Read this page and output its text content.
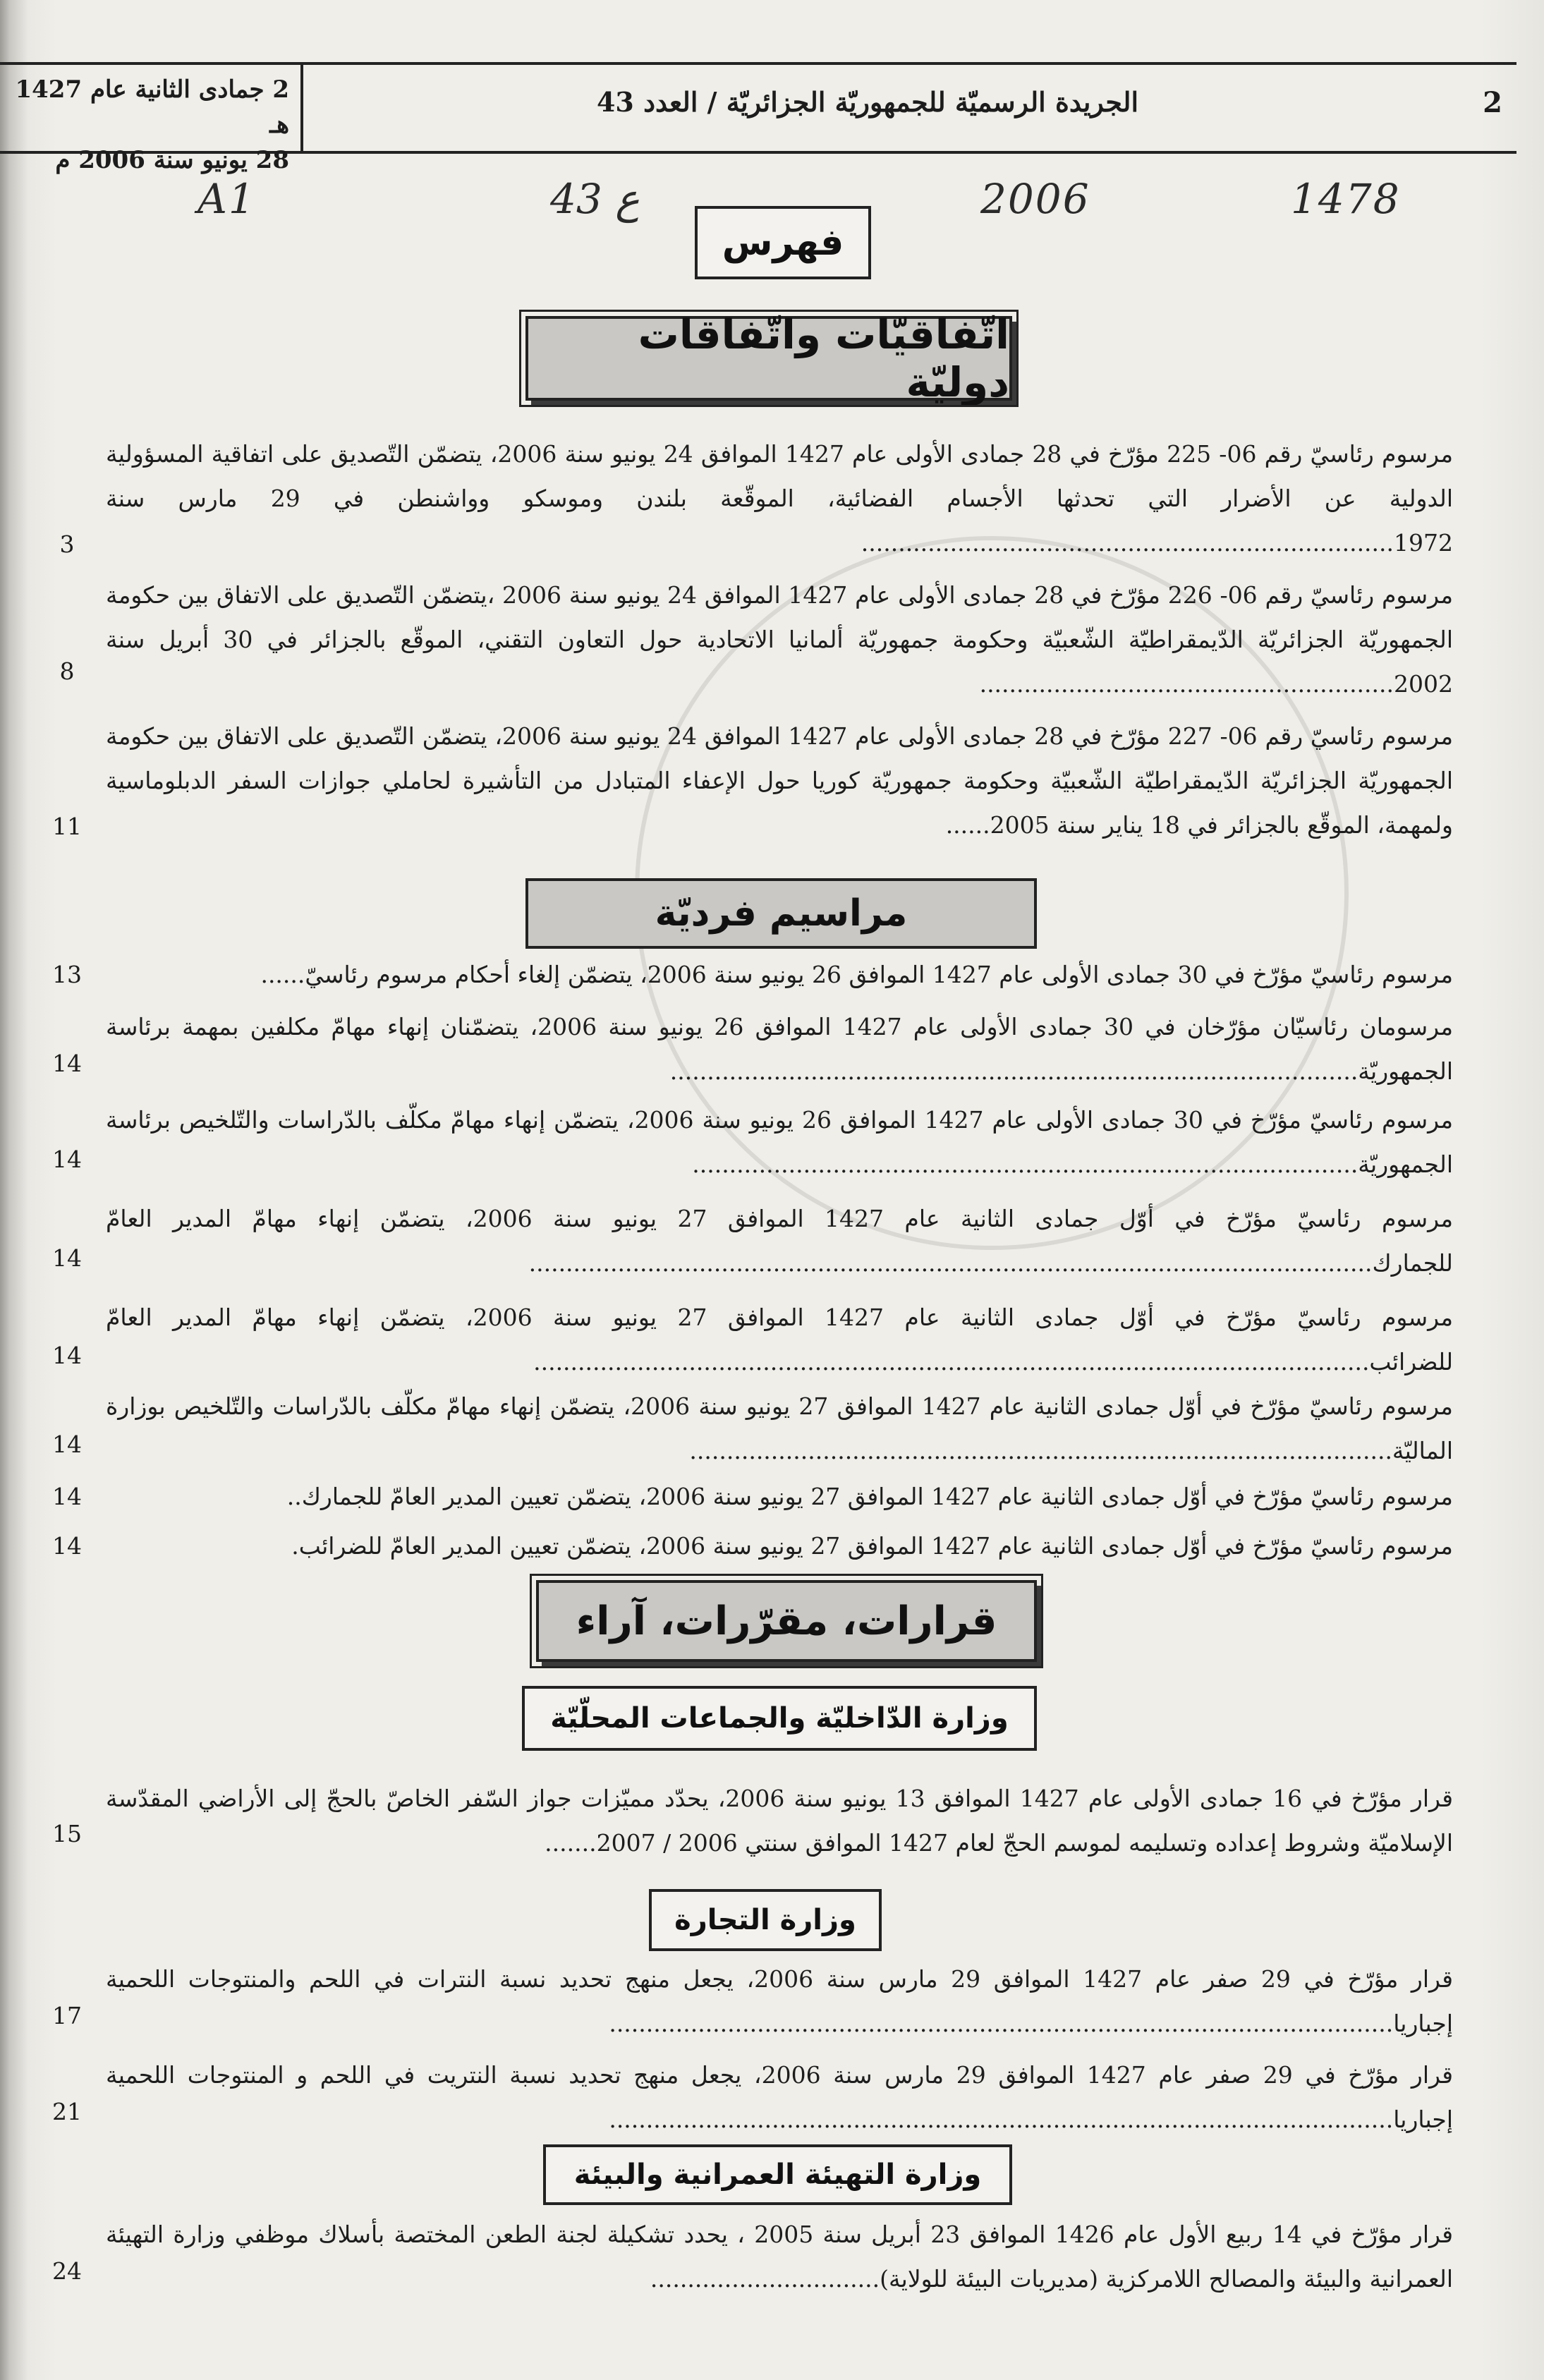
2 جمادى الثانية عام 1427 هـ
28 يونيو سنة 2006 م
الجريدة الرسميّة للجمهوريّة الجزائريّة / العدد 43	2
A1	43 ع	2006	1478
فهرس
اتّفاقيّات واتّفاقات دوليّة
مرسوم رئاسيّ رقم 06- 225 مؤرّخ في 28 جمادى الأولى عام 1427 الموافق 24 يونيو سنة 2006، يتضمّن التّصديق على اتفاقية المسؤولية الدولية عن الأضرار التي تحدثها الأجسام الفضائية، الموقّعة بلندن وموسكو وواشنطن في 29 مارس سنة 1972........................................................................
3
مرسوم رئاسيّ رقم 06- 226 مؤرّخ في 28 جمادى الأولى عام 1427 الموافق 24 يونيو سنة 2006 ،يتضمّن التّصديق على الاتفاق بين حكومة الجمهوريّة الجزائريّة الدّيمقراطيّة الشّعبيّة وحكومة جمهوريّة ألمانيا الاتحادية حول التعاون التقني، الموقّع بالجزائر في 30 أبريل سنة 2002........................................................
8
مرسوم رئاسيّ رقم 06- 227 مؤرّخ في 28 جمادى الأولى عام 1427 الموافق 24 يونيو سنة 2006، يتضمّن التّصديق على الاتفاق بين حكومة الجمهوريّة الجزائريّة الدّيمقراطيّة الشّعبيّة وحكومة جمهوريّة كوريا حول الإعفاء المتبادل من التأشيرة لحاملي جوازات السفر الدبلوماسية ولمهمة، الموقّع بالجزائر في 18 يناير سنة 2005......
11
مراسيم فرديّة
مرسوم رئاسيّ مؤرّخ في 30 جمادى الأولى عام 1427 الموافق 26 يونيو سنة 2006، يتضمّن إلغاء أحكام مرسوم رئاسيّ......
13
مرسومان رئاسيّان مؤرّخان في 30 جمادى الأولى عام 1427 الموافق 26 يونيو سنة 2006، يتضمّنان إنهاء مهامّ مكلفين بمهمة برئاسة الجمهوريّة.............................................................................................
14
مرسوم رئاسيّ مؤرّخ في 30 جمادى الأولى عام 1427 الموافق 26 يونيو سنة 2006، يتضمّن إنهاء مهامّ مكلّف بالدّراسات والتّلخيص برئاسة الجمهوريّة..........................................................................................
14
مرسوم رئاسيّ مؤرّخ في أوّل جمادى الثانية عام 1427 الموافق 27 يونيو سنة 2006، يتضمّن إنهاء مهامّ المدير العامّ للجمارك..................................................................................................................
14
مرسوم رئاسيّ مؤرّخ في أوّل جمادى الثانية عام 1427 الموافق 27 يونيو سنة 2006، يتضمّن إنهاء مهامّ المدير العامّ للضرائب.................................................................................................................
14
مرسوم رئاسيّ مؤرّخ في أوّل جمادى الثانية عام 1427 الموافق 27 يونيو سنة 2006، يتضمّن إنهاء مهامّ مكلّف بالدّراسات والتّلخيص بوزارة الماليّة...............................................................................................
14
مرسوم رئاسيّ مؤرّخ في أوّل جمادى الثانية عام 1427 الموافق 27 يونيو سنة 2006، يتضمّن تعيين المدير العامّ للجمارك..
14
مرسوم رئاسيّ مؤرّخ في أوّل جمادى الثانية عام 1427 الموافق 27 يونيو سنة 2006، يتضمّن تعيين المدير العامّ للضرائب.
14
قرارات، مقرّرات، آراء
وزارة الدّاخليّة والجماعات المحلّيّة
قرار مؤرّخ في 16 جمادى الأولى عام 1427 الموافق 13 يونيو سنة 2006، يحدّد مميّزات جواز السّفر الخاصّ بالحجّ إلى الأراضي المقدّسة الإسلاميّة وشروط إعداده وتسليمه لموسم الحجّ لعام 1427 الموافق سنتي 2006 / 2007.......
15
وزارة التجارة
قرار مؤرّخ في 29 صفر عام 1427 الموافق 29 مارس سنة 2006، يجعل منهج تحديد نسبة النترات في اللحم والمنتوجات اللحمية إجباريا..........................................................................................................
17
قرار مؤرّخ في 29 صفر عام 1427 الموافق 29 مارس سنة 2006، يجعل منهج تحديد نسبة النتريت في اللحم و المنتوجات اللحمية إجباريا..........................................................................................................
21
وزارة التهيئة العمرانية والبيئة
قرار مؤرّخ في 14 ربيع الأول عام 1426 الموافق 23 أبريل سنة 2005 ، يحدد تشكيلة لجنة الطعن المختصة بأسلاك موظفي وزارة التهيئة العمرانية والبيئة والمصالح اللامركزية (مديريات البيئة للولاية)...............................
24
